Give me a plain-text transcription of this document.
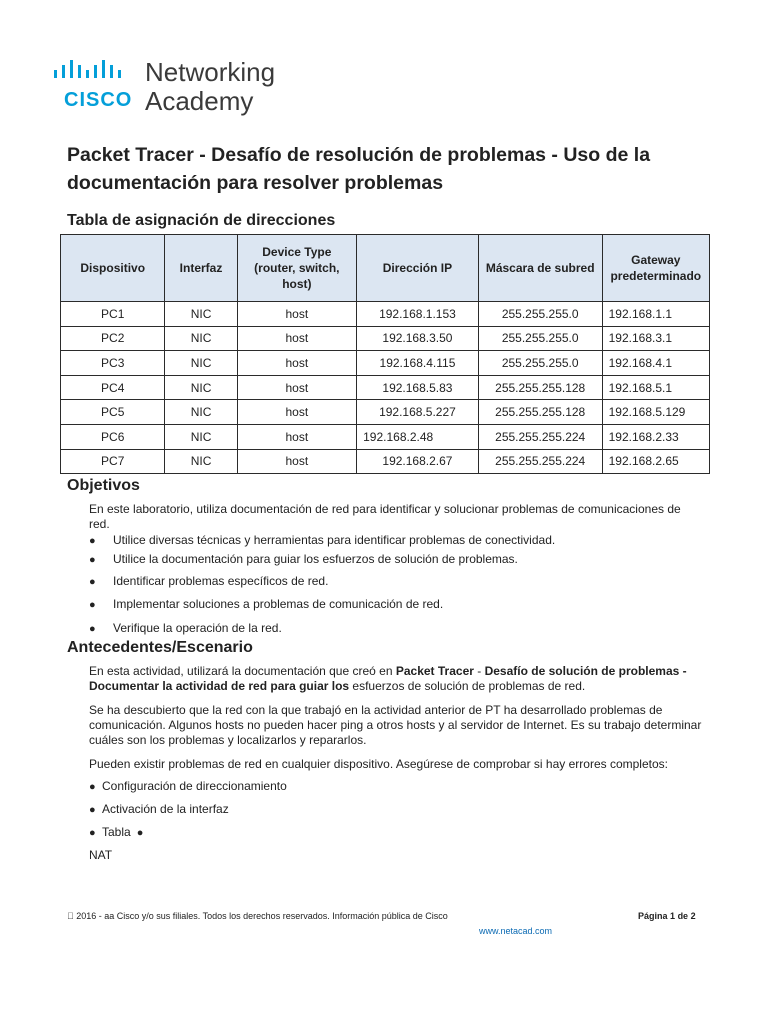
CISCO
Networking
Academy
Packet Tracer - Desafío de resolución de problemas - Uso de la documentación para resolver problemas
Tabla de asignación de direcciones
Dispositivo	Interfaz	Device Type (router, switch, host)	Dirección IP	Máscara de subred	Gateway predeterminado
PC1	NIC	host	192.168.1.153	255.255.255.0	192.168.1.1
PC2	NIC	host	192.168.3.50	255.255.255.0	192.168.3.1
PC3	NIC	host	192.168.4.115	255.255.255.0	192.168.4.1
PC4	NIC	host	192.168.5.83	255.255.255.128	192.168.5.1
PC5	NIC	host	192.168.5.227	255.255.255.128	192.168.5.129
PC6	NIC	host	192.168.2.48	255.255.255.224	192.168.2.33
PC7	NIC	host	192.168.2.67	255.255.255.224	192.168.2.65
Objetivos

En este laboratorio, utiliza documentación de red para identificar y solucionar problemas de comunicaciones de red.

● Utilice diversas técnicas y herramientas para identificar problemas de conectividad.
● Utilice la documentación para guiar los esfuerzos de solución de problemas.
● Identificar problemas específicos de red.
● Implementar soluciones a problemas de comunicación de red.
● Verifique la operación de la red.
Antecedentes/Escenario

En esta actividad, utilizará la documentación que creó en Packet Tracer - Desafío de solución de problemas - Documentar la actividad de red para guiar los esfuerzos de solución de problemas de red.

Se ha descubierto que la red con la que trabajó en la actividad anterior de PT ha desarrollado problemas de comunicación. Algunos hosts no pueden hacer ping a otros hosts y al servidor de Internet. Es su trabajo determinar cuáles son los problemas y localizarlos y repararlos.

Pueden existir problemas de red en cualquier dispositivo. Asegúrese de comprobar si hay errores completos:

● Configuración de direccionamiento
● Activación de la interfaz
● Tabla ●
NAT
  2016 - aa Cisco y/o sus filiales. Todos los derechos reservados. Información pública de Cisco	Página 1 de 2
www.netacad.com
